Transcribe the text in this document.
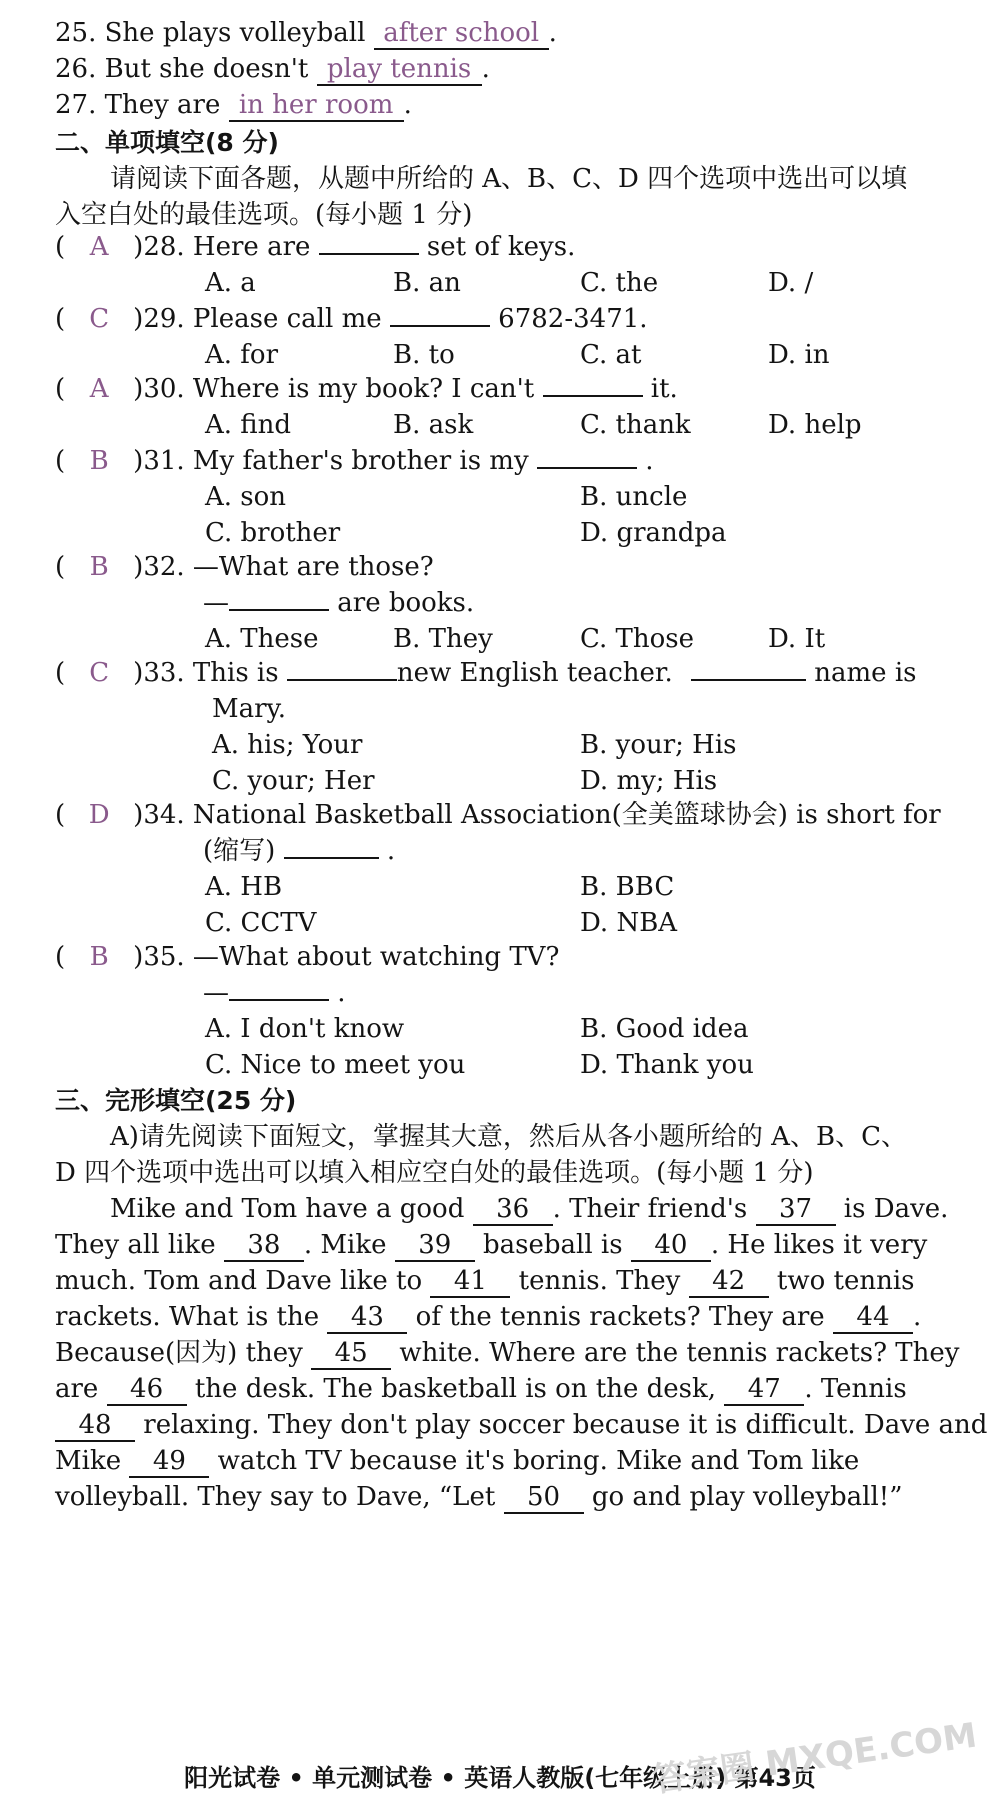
25. She plays volleyball after school .
26. But she doesn't play tennis .
27. They are in her room .
二、单项填空(8 分)
请阅读下面各题，从题中所给的 A、B、C、D 四个选项中选出可以填
入空白处的最佳选项。(每小题 1 分)
( A )28. Here are	set of keys.
A. a	B. an	C. the	D. /
( C )29. Please call me	6782-3471.
A. for	B. to	C. at	D. in
( A )30. Where is my book? I can't	it.
A. find	B. ask	C. thank	D. help
( B )31. My father's brother is my	.
A. son	B. uncle
C. brother	D. grandpa
( B )32. —What are those?
—	are books.
A. These	B. They	C. Those	D. It
( C )33. This is	new English teacher.	name is
Mary.
A. his; Your	B. your; His
C. your; Her	D. my; His
( D )34. National Basketball Association(全美篮球协会) is short for
(缩写)	.
A. HB	B. BBC
C. CCTV	D. NBA
( B )35. —What about watching TV?
—	.
A. I don't know	B. Good idea
C. Nice to meet you	D. Thank you
三、完形填空(25 分)
A)请先阅读下面短文，掌握其大意，然后从各小题所给的 A、B、C、
D 四个选项中选出可以填入相应空白处的最佳选项。(每小题 1 分)
Mike and Tom have a good 36 . Their friend's 37 is Dave.
They all like 38 . Mike 39 baseball is 40 . He likes it very
much. Tom and Dave like to 41 tennis. They 42 two tennis
rackets. What is the 43 of the tennis rackets? They are 44 .
Because(因为) they 45 white. Where are the tennis rackets? They
are 46 the desk. The basketball is on the desk, 47 . Tennis
48 relaxing. They don't play soccer because it is difficult. Dave and
Mike 49 watch TV because it's boring. Mike and Tom like
volleyball. They say to Dave, “Let 50 go and play volleyball!”
阳光试卷 • 单元测试卷 • 英语人教版(七年级上册) 第43页
答案圈 MXQE.COM
